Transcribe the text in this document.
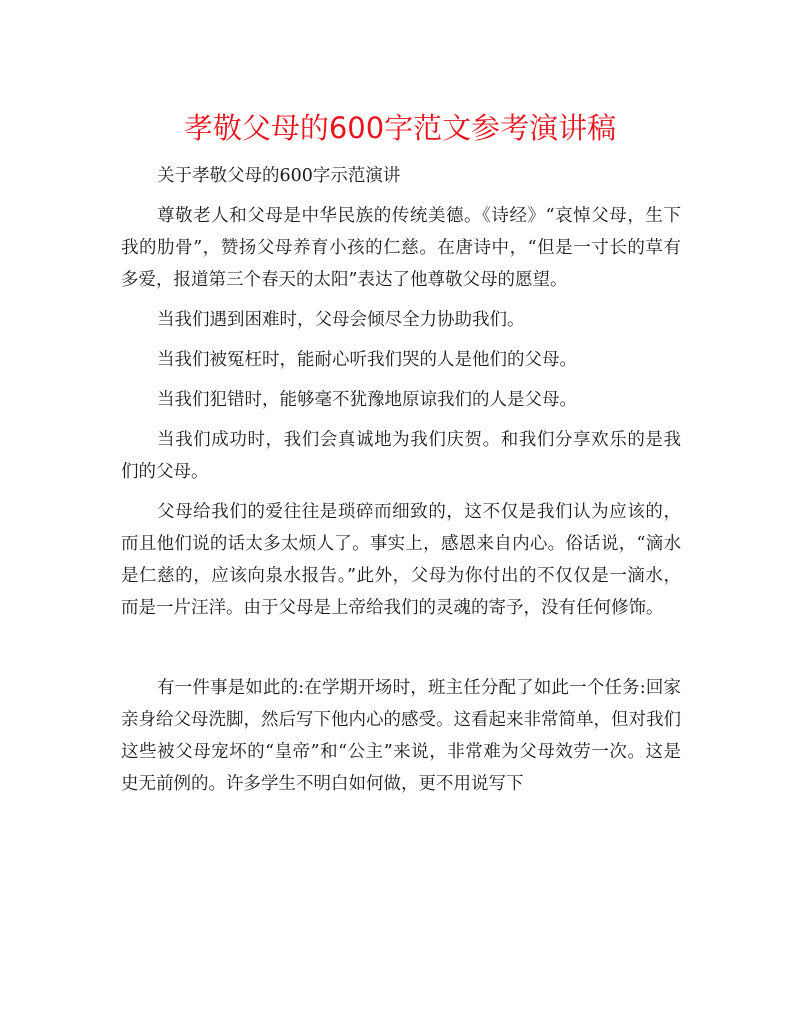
孝敬父母的600字范文参考演讲稿

关于孝敬父母的600字示范演讲

尊敬老人和父母是中华民族的传统美德。《诗经》“哀悼父母，生下我的肋骨”，赞扬父母养育小孩的仁慈。在唐诗中，“但是一寸长的草有多爱，报道第三个春天的太阳”表达了他尊敬父母的愿望。

当我们遇到困难时，父母会倾尽全力协助我们。

当我们被冤枉时，能耐心听我们哭的人是他们的父母。

当我们犯错时，能够毫不犹豫地原谅我们的人是父母。

当我们成功时，我们会真诚地为我们庆贺。和我们分享欢乐的是我们的父母。

父母给我们的爱往往是琐碎而细致的，这不仅是我们认为应该的，而且他们说的话太多太烦人了。事实上，感恩来自内心。俗话说，“滴水是仁慈的，应该向泉水报告。”此外，父母为你付出的不仅仅是一滴水，而是一片汪洋。由于父母是上帝给我们的灵魂的寄予，没有任何修饰。

有一件事是如此的:在学期开场时，班主任分配了如此一个任务:回家亲身给父母洗脚，然后写下他内心的感受。这看起来非常简单，但对我们这些被父母宠坏的“皇帝”和“公主”来说，非常难为父母效劳一次。这是史无前例的。许多学生不明白如何做，更不用说写下
